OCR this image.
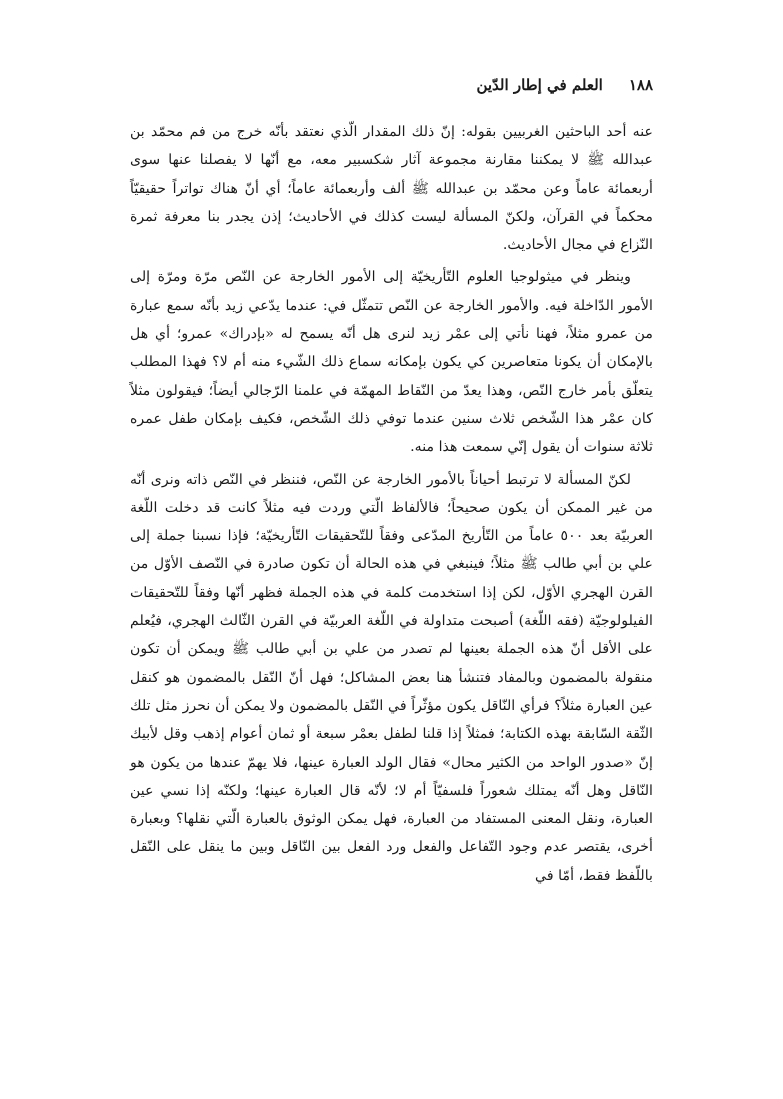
١٨٨
العلم في إطار الدّين

عنه أحد الباحثين الغربيين بقوله: إنّ ذلك المقدار الّذي نعتقد بأنّه خرج من فم محمّد بن عبدالله ﷺ لا يمكننا مقارنة مجموعة آثار شكسبير معه، مع أنّها لا يفصلنا عنها سوى أربعمائة عاماً وعن محمّد بن عبدالله ﷺ ألف وأربعمائة عاماً؛ أي أنّ هناك تواتراً حقيقيّاً محكماً في القرآن، ولكنّ المسألة ليست كذلك في الأحاديث؛ إذن يجدر بنا معرفة ثمرة النّزاع في مجال الأحاديث.

وينظر في ميثولوجيا العلوم التّأريخيّة إلى الأمور الخارجة عن النّص مرّة ومرّة إلى الأمور الدّاخلة فيه. والأمور الخارجة عن النّص تتمثّل في: عندما يدّعي زيد بأنّه سمع عبارة من عمرو مثلاً، فهنا نأتي إلى عمْر زيد لنرى هل أنّه يسمح له «بإدراك» عمرو؛ أي هل بالإمكان أن يكونا متعاصرين كي يكون بإمكانه سماع ذلك الشّيء منه أم لا؟ فهذا المطلب يتعلّق بأمر خارج النّص، وهذا يعدّ من النّقاط المهمّة في علمنا الرّجالي أيضاً؛ فيقولون مثلاً كان عمْر هذا الشّخص ثلاث سنين عندما توفي ذلك الشّخص، فكيف بإمكان طفل عمره ثلاثة سنوات أن يقول إنّي سمعت هذا منه.

لكنّ المسألة لا ترتبط أحياناً بالأمور الخارجة عن النّص، فننظر في النّص ذاته ونرى أنّه من غير الممكن أن يكون صحيحاً؛ فالألفاظ الّتي وردت فيه مثلاً كانت قد دخلت اللّغة العربيّة بعد ٥٠٠ عاماً من التّأريخ المدّعى وفقاً للتّحقيقات التّأريخيّة؛ فإذا نسبنا جملة إلى علي بن أبي طالب ﷺ مثلاً؛ فينبغي في هذه الحالة أن تكون صادرة في النّصف الأوّل من القرن الهجري الأوّل، لكن إذا استخدمت كلمة في هذه الجملة فظهر أنّها وفقاً للتّحقيقات الفيلولوجيّة (فقه اللّغة) أصبحت متداولة في اللّغة العربيّة في القرن الثّالث الهجري، فيُعلم على الأقل أنّ هذه الجملة بعينها لم تصدر من علي بن أبي طالب ﷺ ويمكن أن تكون منقولة بالمضمون وبالمفاد فتنشأ هنا بعض المشاكل؛ فهل أنّ النّقل بالمضمون هو كنقل عين العبارة مثلاً؟ فرأي النّاقل يكون مؤثّراً في النّقل بالمضمون ولا يمكن أن نحرز مثل تلك الثّقة السّابقة بهذه الكتابة؛ فمثلاً إذا قلنا لطفل بعمْر سبعة أو ثمان أعوام إذهب وقل لأبيك إنّ «صدور الواحد من الكثير محال» فقال الولد العبارة عينها، فلا يهمّ عندها من يكون هو النّاقل وهل أنّه يمتلك شعوراً فلسفيّاً أم لا؛ لأنّه قال العبارة عينها؛ ولكنّه إذا نسي عين العبارة، ونقل المعنى المستفاد من العبارة، فهل يمكن الوثوق بالعبارة الّتي نقلها؟ وبعبارة أخرى، يقتصر عدم وجود التّفاعل والفعل ورد الفعل بين النّاقل وبين ما ينقل على النّقل باللّفظ فقط، أمّا في
